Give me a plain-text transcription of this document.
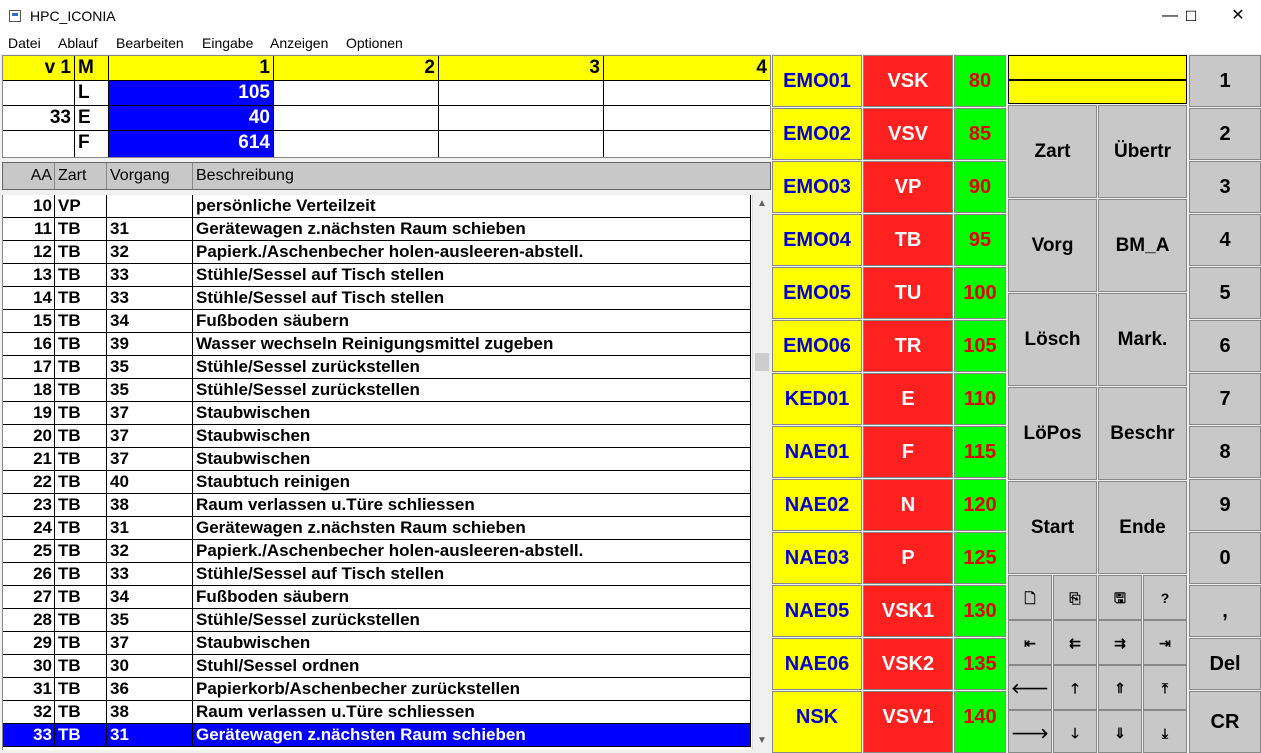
HPC_ICONIA	— ☐	✕
Datei Ablauf Bearbeiten Eingabe Anzeigen Optionen
v 1 M	1	2	3	4
L	105
33 E	40
F	614
AA Zart	Vorgang	Beschreibung
10 VP	persönliche Verteilzeit
11 TB	31	Gerätewagen z.nächsten Raum schieben
12 TB	32	Papierk./Aschenbecher holen-ausleeren-abstell.
13 TB	33	Stühle/Sessel auf Tisch stellen
14 TB	33	Stühle/Sessel auf Tisch stellen
15 TB	34	Fußboden säubern
16 TB	39	Wasser wechseln Reinigungsmittel zugeben
17 TB	35	Stühle/Sessel zurückstellen
18 TB	35	Stühle/Sessel zurückstellen
19 TB	37	Staubwischen
20 TB	37	Staubwischen
21 TB	37	Staubwischen
22 TB	40	Staubtuch reinigen
23 TB	38	Raum verlassen u.Türe schliessen
24 TB	31	Gerätewagen z.nächsten Raum schieben
25 TB	32	Papierk./Aschenbecher holen-ausleeren-abstell.
26 TB	33	Stühle/Sessel auf Tisch stellen
27 TB	34	Fußboden säubern
28 TB	35	Stühle/Sessel zurückstellen
29 TB	37	Staubwischen
30 TB	30	Stuhl/Sessel ordnen
31 TB	36	Papierkorb/Aschenbecher zurückstellen
32 TB	38	Raum verlassen u.Türe schliessen
33 TB	31	Gerätewagen z.nächsten Raum schieben
▲
▼
EMO01
EMO02
EMO03
EMO04
EMO05
EMO06
KED01
NAE01
NAE02
NAE03
NAE05
NAE06
NSK
VSK
VSV
VP
TB
TU
TR
E
F
N
P
VSK1
VSK2
VSV1
80
85
90
95
100
105
110
115
120
125
130
135
140
Zart	Übertr
Vorg	BM_A
Lösch	Mark.
LöPos	Beschr
Start	Ende
🗋	⎘	🖫	?
⇤	⇇	⇉	⇥
🡐	🡑	⇑	⤒
🡒	🡓	⇓	⤓
1
2
3
4
5
6
7
8
9
0
,
Del
CR
